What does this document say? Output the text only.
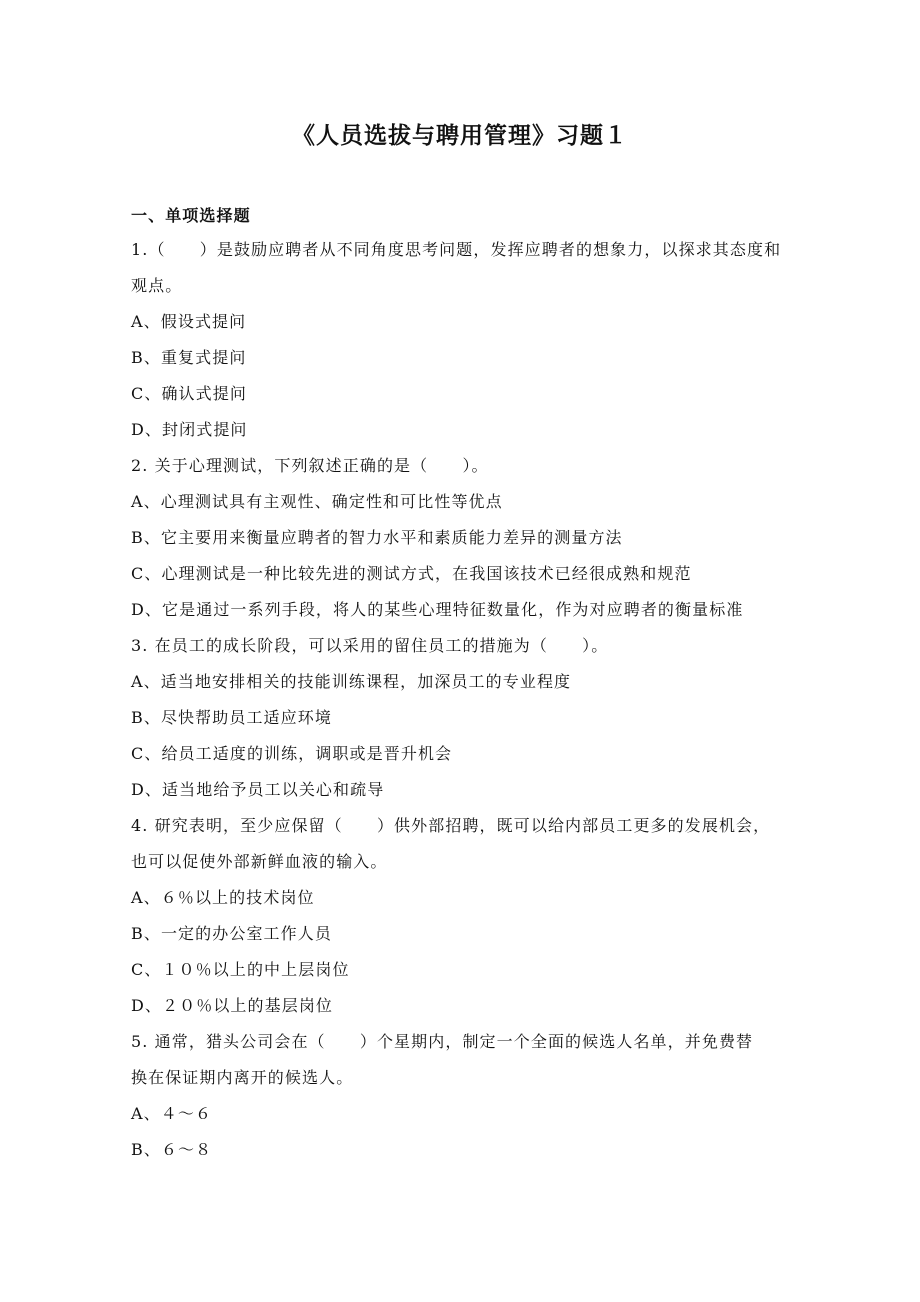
《人员选拔与聘用管理》习题１
一、单项选择题
1.（　　）是鼓励应聘者从不同角度思考问题，发挥应聘者的想象力，以探求其态度和
观点。
A、假设式提问
B、重复式提问
C、确认式提问
D、封闭式提问
2. 关于心理测试，下列叙述正确的是（　　）。
A、心理测试具有主观性、确定性和可比性等优点
B、它主要用来衡量应聘者的智力水平和素质能力差异的测量方法
C、心理测试是一种比较先进的测试方式，在我国该技术已经很成熟和规范
D、它是通过一系列手段，将人的某些心理特征数量化，作为对应聘者的衡量标准
3. 在员工的成长阶段，可以采用的留住员工的措施为（　　）。
A、适当地安排相关的技能训练课程，加深员工的专业程度
B、尽快帮助员工适应环境
C、给员工适度的训练，调职或是晋升机会
D、适当地给予员工以关心和疏导
4. 研究表明，至少应保留（　　）供外部招聘，既可以给内部员工更多的发展机会，
也可以促使外部新鲜血液的输入。
A、６％以上的技术岗位
B、一定的办公室工作人员
C、１０％以上的中上层岗位
D、２０％以上的基层岗位
5. 通常，猎头公司会在（　　）个星期内，制定一个全面的候选人名单，并免费替
换在保证期内离开的候选人。
A、４～６
B、６～８
